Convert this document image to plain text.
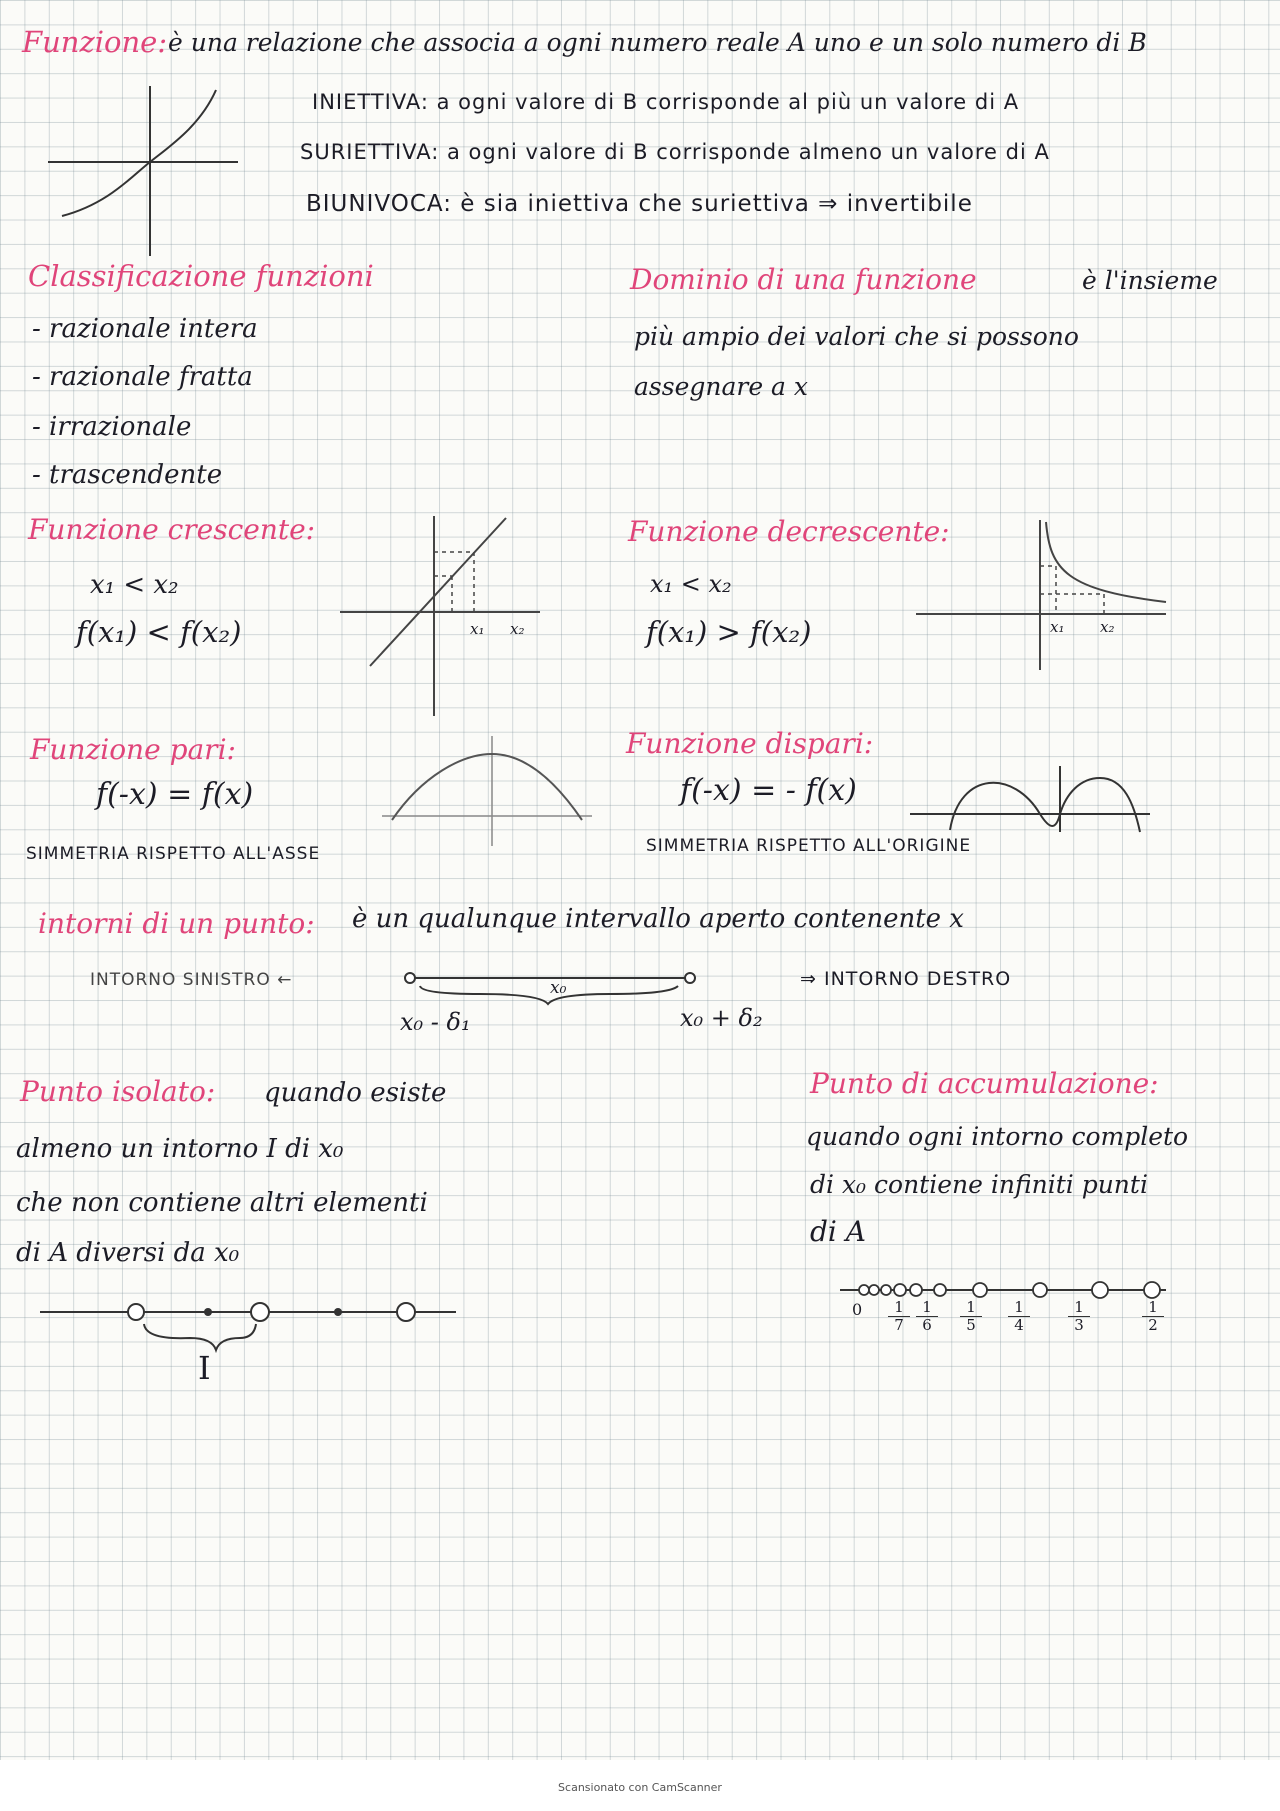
Funzione: è una relazione che associa a ogni numero reale A uno e un solo numero di B
INIETTIVA: a ogni valore di B corrisponde al più un valore di A
SURIETTIVA: a ogni valore di B corrisponde almeno un valore di A
BIUNIVOCA: è sia iniettiva che suriettiva ⇒ invertibile
Classificazione funzioni
- razionale intera
- razionale fratta
- irrazionale
- trascendente
Dominio di una funzione	è l'insieme
più ampio dei valori che si possono
assegnare a x
Funzione crescente:
x₁ < x₂
f(x₁) < f(x₂)	x₁ x₂
Funzione decrescente:
x₁ < x₂
f(x₁) > f(x₂)	x₁ x₂
Funzione pari:
f(-x) = f(x)
SIMMETRIA RISPETTO ALL'ASSE
Funzione dispari:
f(-x) = - f(x)
SIMMETRIA RISPETTO ALL'ORIGINE
intorni di un punto: è un qualunque intervallo aperto contenente x
INTORNO SINISTRO ←	x₀
x₀ - δ₁	x₀ + δ₂
⇒ INTORNO DESTRO
Punto isolato: quando esiste
almeno un intorno I di x₀
che non contiene altri elementi
di A diversi da x₀
I
Punto di accumulazione:
quando ogni intorno completo
di x₀ contiene infiniti punti
di A
0	1
7
1
6
1
5
1
4
1
3
1
2
Scansionato con CamScanner
